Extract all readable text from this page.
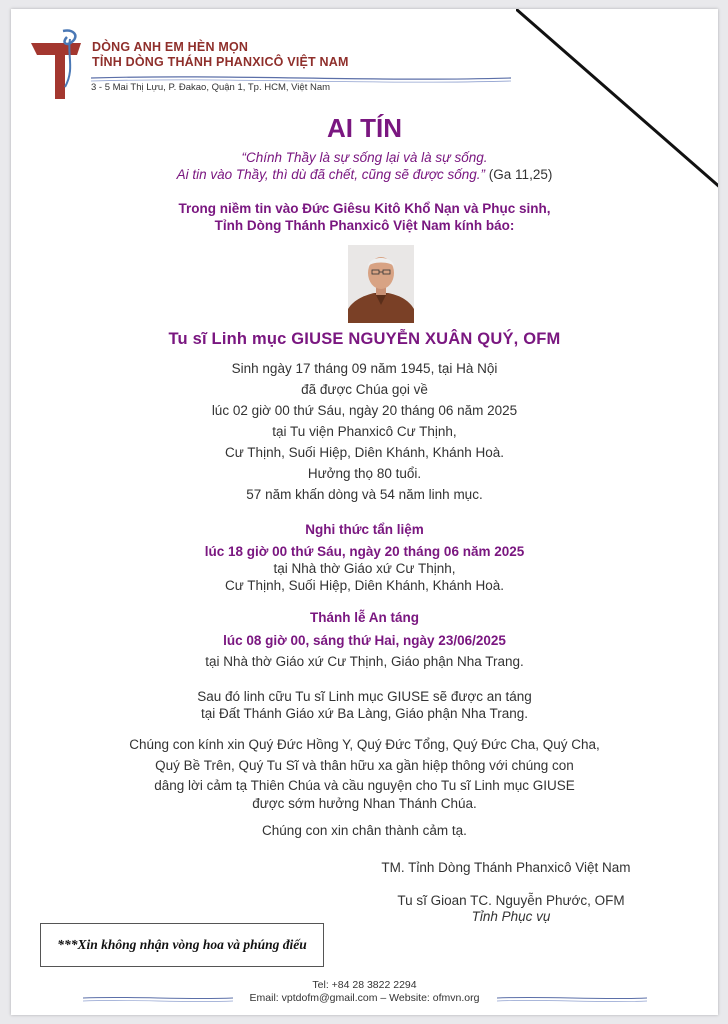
DÒNG ANH EM HÈN MỌN
TỈNH DÒNG THÁNH PHANXICÔ VIỆT NAM
3 - 5 Mai Thị Lựu, P. Đakao, Quận 1, Tp. HCM, Việt Nam
AI TÍN
“Chính Thầy là sự sống lại và là sự sống.
Ai tin vào Thầy, thì dù đã chết, cũng sẽ được sống.” (Ga 11,25)
Trong niềm tin vào Đức Giêsu Kitô Khổ Nạn và Phục sinh,
Tỉnh Dòng Thánh Phanxicô Việt Nam kính báo:
Tu sĩ Linh mục GIUSE NGUYỄN XUÂN QUÝ, OFM
Sinh ngày 17 tháng 09 năm 1945, tại Hà Nội
đã được Chúa gọi về
lúc 02 giờ 00 thứ Sáu, ngày 20 tháng 06 năm 2025
tại Tu viện Phanxicô Cư Thịnh,
Cư Thịnh, Suối Hiệp, Diên Khánh, Khánh Hoà.
Hưởng thọ 80 tuổi.
57 năm khấn dòng và 54 năm linh mục.
Nghi thức tẩn liệm
lúc 18 giờ 00 thứ Sáu, ngày 20 tháng 06 năm 2025
tại Nhà thờ Giáo xứ Cư Thịnh,
Cư Thịnh, Suối Hiệp, Diên Khánh, Khánh Hoà.
Thánh lễ An táng
lúc 08 giờ 00, sáng thứ Hai, ngày 23/06/2025
tại Nhà thờ Giáo xứ Cư Thịnh, Giáo phận Nha Trang.
Sau đó linh cữu Tu sĩ Linh mục GIUSE sẽ được an táng
tại Đất Thánh Giáo xứ Ba Làng, Giáo phận Nha Trang.
Chúng con kính xin Quý Đức Hồng Y, Quý Đức Tổng, Quý Đức Cha, Quý Cha,
Quý Bề Trên, Quý Tu Sĩ và thân hữu xa gần hiệp thông với chúng con
dâng lời cảm tạ Thiên Chúa và cầu nguyện cho Tu sĩ Linh mục GIUSE
được sớm hưởng Nhan Thánh Chúa.
Chúng con xin chân thành cảm tạ.
TM. Tỉnh Dòng Thánh Phanxicô Việt Nam
Tu sĩ Gioan TC. Nguyễn Phước, OFM
Tỉnh Phục vụ
***Xin không nhận vòng hoa và phúng điếu
Tel: +84 28 3822 2294
Email: vptdofm@gmail.com – Website: ofmvn.org
